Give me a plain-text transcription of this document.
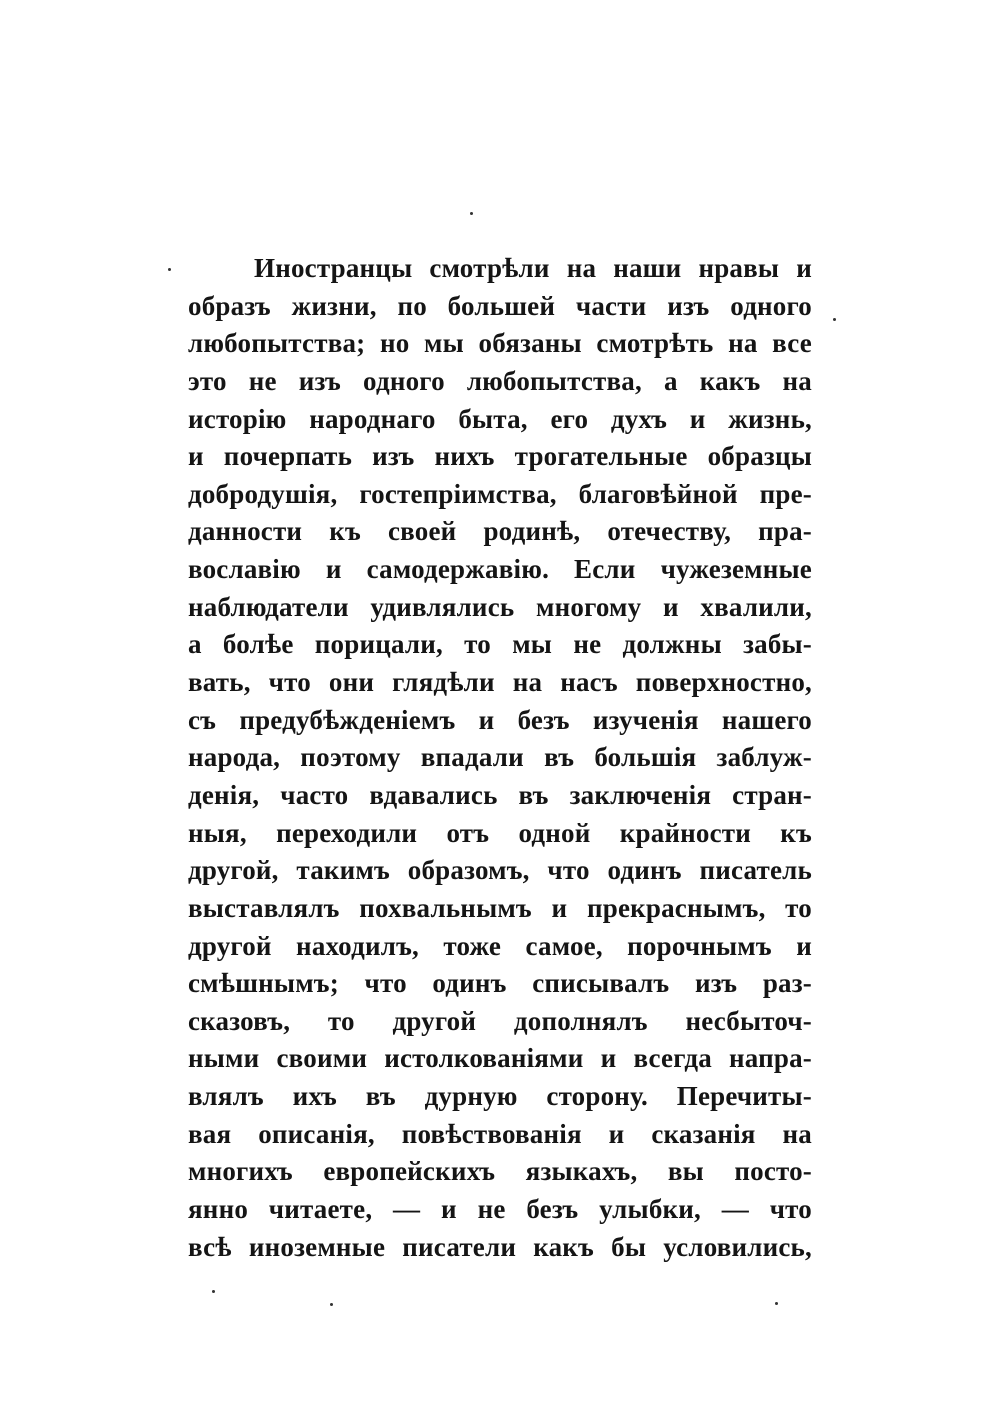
Иностранцы смотрѣли на наши нравы и
образъ жизни, по большей части изъ одного
любопытства; но мы обязаны смотрѣть на все
это не изъ одного любопытства, а какъ на
исторію народнаго быта, его духъ и жизнь,
и почерпать изъ нихъ трогательные образцы
добродушія, гостепріимства, благовѣйной пре-
данности къ своей родинѣ, отечеству, пра-
вославію и самодержавію. Если чужеземные
наблюдатели удивлялись многому и хвалили,
а болѣе порицали, то мы не должны забы-
вать, что они глядѣли на насъ поверхностно,
съ предубѣжденіемъ и безъ изученія нашего
народа, поэтому впадали въ большія заблуж-
денія, часто вдавались въ заключенія стран-
ныя, переходили отъ одной крайности къ
другой, такимъ образомъ, что одинъ писатель
выставлялъ похвальнымъ и прекраснымъ, то
другой находилъ, тоже самое, порочнымъ и
смѣшнымъ; что одинъ списывалъ изъ раз-
сказовъ, то другой дополнялъ несбыточ-
ными своими истолкованіями и всегда напра-
влялъ ихъ въ дурную сторону. Перечиты-
вая описанія, повѣствованія и сказанія на
многихъ европейскихъ языкахъ, вы посто-
янно читаете, — и не безъ улыбки, — что
всѣ иноземные писатели какъ бы условились,
